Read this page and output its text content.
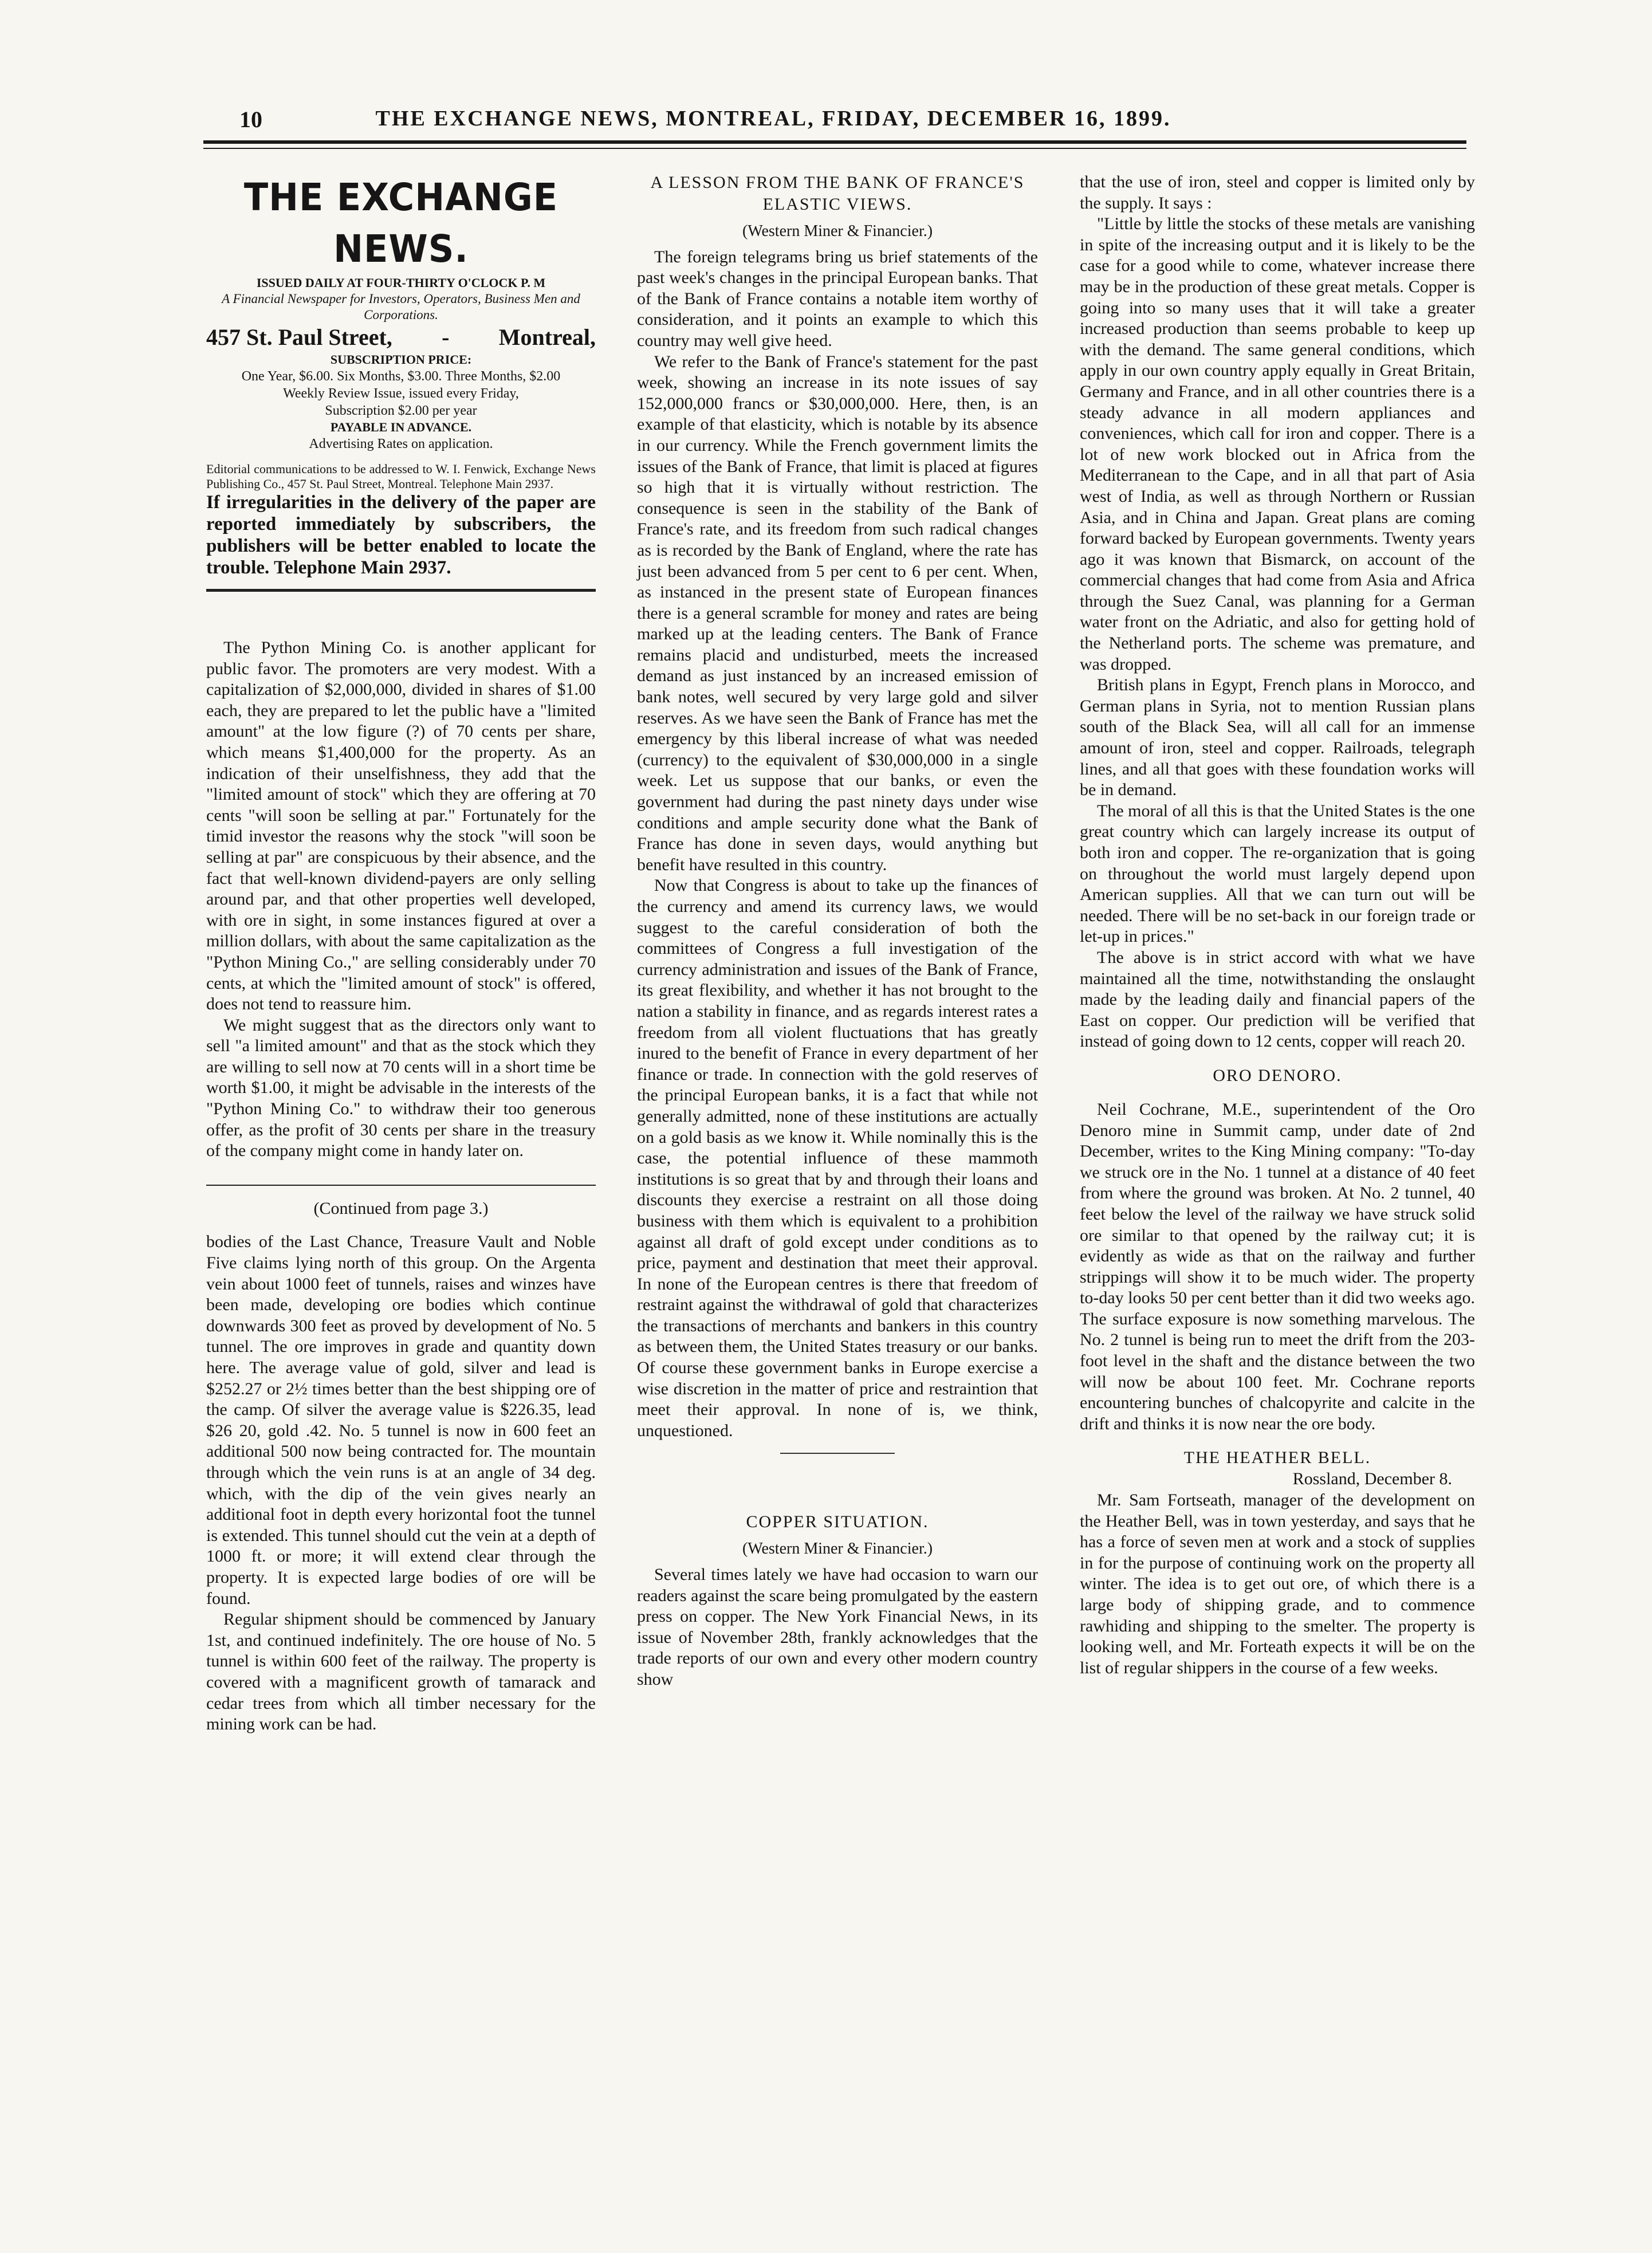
10	THE EXCHANGE NEWS, MONTREAL, FRIDAY, DECEMBER 16, 1899.
THE EXCHANGE NEWS.
ISSUED DAILY AT FOUR-THIRTY O'CLOCK P. M
A Financial Newspaper for Investors, Operators, Business Men and Corporations.
457 St. Paul Street, - Montreal,
SUBSCRIPTION PRICE:
One Year, $6.00. Six Months, $3.00. Three Months, $2.00
Weekly Review Issue, issued every Friday,
Subscription $2.00 per year
PAYABLE IN ADVANCE.
Advertising Rates on application.
Editorial communications to be addressed to W. I. Fenwick, Exchange News Publishing Co., 457 St. Paul Street, Montreal. Telephone Main 2937.
If irregularities in the delivery of the paper are reported immediately by subscribers, the publishers will be better enabled to locate the trouble. Telephone Main 2937.

The Python Mining Co. is another applicant for public favor. The promoters are very modest. With a capitalization of $2,000,000, divided in shares of $1.00 each, they are prepared to let the public have a "limited amount" at the low figure (?) of 70 cents per share, which means $1,400,000 for the property. As an indication of their unselfishness, they add that the "limited amount of stock" which they are offering at 70 cents "will soon be selling at par." Fortunately for the timid investor the reasons why the stock "will soon be selling at par" are conspicuous by their absence, and the fact that well-known dividend-payers are only selling around par, and that other properties well developed, with ore in sight, in some instances figured at over a million dollars, with about the same capitalization as the "Python Mining Co.," are selling considerably under 70 cents, at which the "limited amount of stock" is offered, does not tend to reassure him.

We might suggest that as the directors only want to sell "a limited amount" and that as the stock which they are willing to sell now at 70 cents will in a short time be worth $1.00, it might be advisable in the interests of the "Python Mining Co." to withdraw their too generous offer, as the profit of 30 cents per share in the treasury of the company might come in handy later on.

(Continued from page 3.)

bodies of the Last Chance, Treasure Vault and Noble Five claims lying north of this group. On the Argenta vein about 1000 feet of tunnels, raises and winzes have been made, developing ore bodies which continue downwards 300 feet as proved by development of No. 5 tunnel. The ore improves in grade and quantity down here. The average value of gold, silver and lead is $252.27 or 2½ times better than the best shipping ore of the camp. Of silver the average value is $226.35, lead $26 20, gold .42. No. 5 tunnel is now in 600 feet an additional 500 now being contracted for. The mountain through which the vein runs is at an angle of 34 deg. which, with the dip of the vein gives nearly an additional foot in depth every horizontal foot the tunnel is extended. This tunnel should cut the vein at a depth of 1000 ft. or more; it will extend clear through the property. It is expected large bodies of ore will be found.

Regular shipment should be commenced by January 1st, and continued indefinitely. The ore house of No. 5 tunnel is within 600 feet of the railway. The property is covered with a magnificent growth of tamarack and cedar trees from which all timber necessary for the mining work can be had.

A LESSON FROM THE BANK OF FRANCE'S ELASTIC VIEWS.
(Western Miner & Financier.)

The foreign telegrams bring us brief statements of the past week's changes in the principal European banks. That of the Bank of France contains a notable item worthy of consideration, and it points an example to which this country may well give heed.

We refer to the Bank of France's statement for the past week, showing an increase in its note issues of say 152,000,000 francs or $30,000,000. Here, then, is an example of that elasticity, which is notable by its absence in our currency. While the French government limits the issues of the Bank of France, that limit is placed at figures so high that it is virtually without restriction. The consequence is seen in the stability of the Bank of France's rate, and its freedom from such radical changes as is recorded by the Bank of England, where the rate has just been advanced from 5 per cent to 6 per cent. When, as instanced in the present state of European finances there is a general scramble for money and rates are being marked up at the leading centers. The Bank of France remains placid and undisturbed, meets the increased demand as just instanced by an increased emission of bank notes, well secured by very large gold and silver reserves. As we have seen the Bank of France has met the emergency by this liberal increase of what was needed (currency) to the equivalent of $30,000,000 in a single week. Let us suppose that our banks, or even the government had during the past ninety days under wise conditions and ample security done what the Bank of France has done in seven days, would anything but benefit have resulted in this country.

Now that Congress is about to take up the finances of the currency and amend its currency laws, we would suggest to the careful consideration of both the committees of Congress a full investigation of the currency administration and issues of the Bank of France, its great flexibility, and whether it has not brought to the nation a stability in finance, and as regards interest rates a freedom from all violent fluctuations that has greatly inured to the benefit of France in every department of her finance or trade. In connection with the gold reserves of the principal European banks, it is a fact that while not generally admitted, none of these institutions are actually on a gold basis as we know it. While nominally this is the case, the potential influence of these mammoth institutions is so great that by and through their loans and discounts they exercise a restraint on all those doing business with them which is equivalent to a prohibition against all draft of gold except under conditions as to price, payment and destination that meet their approval. In none of the European centres is there that freedom of restraint against the withdrawal of gold that characterizes the transactions of merchants and bankers in this country as between them, the United States treasury or our banks. Of course these government banks in Europe exercise a wise discretion in the matter of price and restraintion that meet their approval. In none of is, we think, unquestioned.

COPPER SITUATION.
(Western Miner & Financier.)

Several times lately we have had occasion to warn our readers against the scare being promulgated by the eastern press on copper. The New York Financial News, in its issue of November 28th, frankly acknowledges that the trade reports of our own and every other modern country show

that the use of iron, steel and copper is limited only by the supply. It says :

"Little by little the stocks of these metals are vanishing in spite of the increasing output and it is likely to be the case for a good while to come, whatever increase there may be in the production of these great metals. Copper is going into so many uses that it will take a greater increased production than seems probable to keep up with the demand. The same general conditions, which apply in our own country apply equally in Great Britain, Germany and France, and in all other countries there is a steady advance in all modern appliances and conveniences, which call for iron and copper. There is a lot of new work blocked out in Africa from the Mediterranean to the Cape, and in all that part of Asia west of India, as well as through Northern or Russian Asia, and in China and Japan. Great plans are coming forward backed by European governments. Twenty years ago it was known that Bismarck, on account of the commercial changes that had come from Asia and Africa through the Suez Canal, was planning for a German water front on the Adriatic, and also for getting hold of the Netherland ports. The scheme was premature, and was dropped.

British plans in Egypt, French plans in Morocco, and German plans in Syria, not to mention Russian plans south of the Black Sea, will all call for an immense amount of iron, steel and copper. Railroads, telegraph lines, and all that goes with these foundation works will be in demand.

The moral of all this is that the United States is the one great country which can largely increase its output of both iron and copper. The re-organization that is going on throughout the world must largely depend upon American supplies. All that we can turn out will be needed. There will be no set-back in our foreign trade or let-up in prices."

The above is in strict accord with what we have maintained all the time, notwithstanding the onslaught made by the leading daily and financial papers of the East on copper. Our prediction will be verified that instead of going down to 12 cents, copper will reach 20.

ORO DENORO.

Neil Cochrane, M.E., superintendent of the Oro Denoro mine in Summit camp, under date of 2nd December, writes to the King Mining company: "To-day we struck ore in the No. 1 tunnel at a distance of 40 feet from where the ground was broken. At No. 2 tunnel, 40 feet below the level of the railway we have struck solid ore similar to that opened by the railway cut; it is evidently as wide as that on the railway and further strippings will show it to be much wider. The property to-day looks 50 per cent better than it did two weeks ago. The surface exposure is now something marvelous. The No. 2 tunnel is being run to meet the drift from the 203-foot level in the shaft and the distance between the two will now be about 100 feet. Mr. Cochrane reports encountering bunches of chalcopyrite and calcite in the drift and thinks it is now near the ore body.

THE HEATHER BELL.

Rossland, December 8.

Mr. Sam Fortseath, manager of the development on the Heather Bell, was in town yesterday, and says that he has a force of seven men at work and a stock of supplies in for the purpose of continuing work on the property all winter. The idea is to get out ore, of which there is a large body of shipping grade, and to commence rawhiding and shipping to the smelter. The property is looking well, and Mr. Forteath expects it will be on the list of regular shippers in the course of a few weeks.
